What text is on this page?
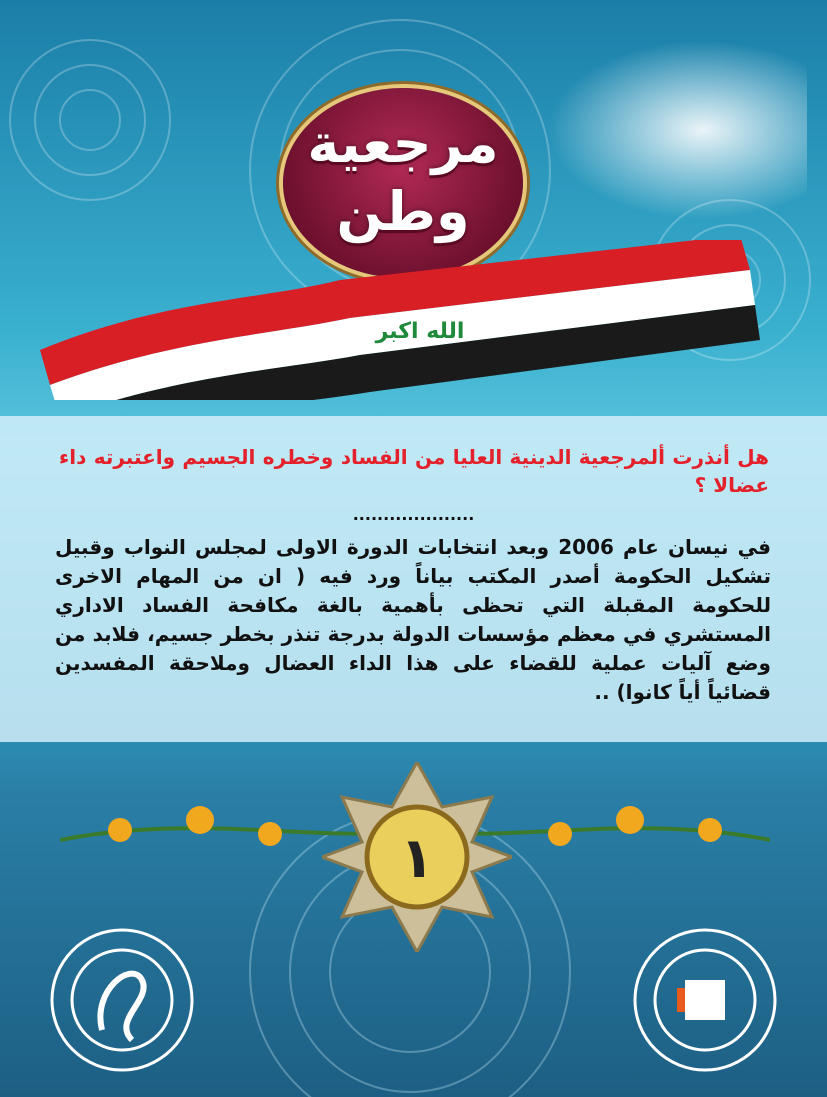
مرجعية
وطن
الله اكبر
هل أنذرت ألمرجعية الدينية العليا من الفساد وخطره الجسيم واعتبرته داء عضالا ؟
....................
في نيسان عام 2006 وبعد انتخابات الدورة الاولى لمجلس النواب وقبيل تشكيل الحكومة أصدر المكتب بياناً ورد فيه ( ان من المهام الاخرى للحكومة المقبلة التي تحظى بأهمية بالغة مكافحة الفساد الاداري المستشري في معظم مؤسسات الدولة بدرجة تنذر بخطر جسيم، فلابد من وضع آليات عملية للقضاء على هذا الداء العضال وملاحقة المفسدين قضائياً أياً كانوا) ..
١
